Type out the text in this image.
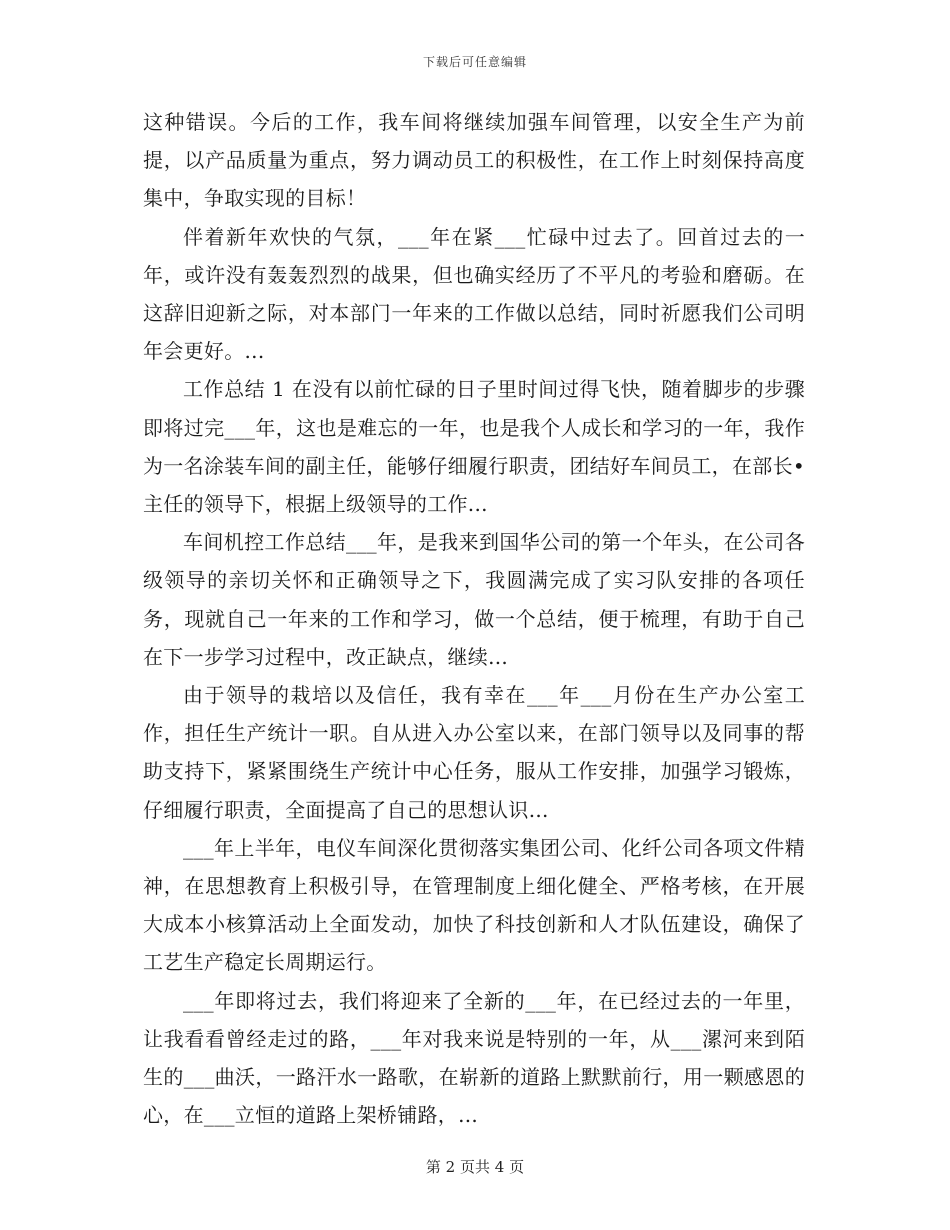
下载后可任意编辑

这种错误。今后的工作，我车间将继续加强车间管理，以安全生产为前提，以产品质量为重点，努力调动员工的积极性，在工作上时刻保持高度集中，争取实现的目标！

伴着新年欢快的气氛，___年在紧___忙碌中过去了。回首过去的一年，或许没有轰轰烈烈的战果，但也确实经历了不平凡的考验和磨砺。在这辞旧迎新之际，对本部门一年来的工作做以总结，同时祈愿我们公司明年会更好。...

工作总结 1 在没有以前忙碌的日子里时间过得飞快，随着脚步的步骤即将过完___年，这也是难忘的一年，也是我个人成长和学习的一年，我作为一名涂装车间的副主任，能够仔细履行职责，团结好车间员工，在部长•主任的领导下，根据上级领导的工作...

车间机控工作总结___年，是我来到国华公司的第一个年头，在公司各级领导的亲切关怀和正确领导之下，我圆满完成了实习队安排的各项任务，现就自己一年来的工作和学习，做一个总结，便于梳理，有助于自己在下一步学习过程中，改正缺点，继续...

由于领导的栽培以及信任，我有幸在___年___月份在生产办公室工作，担任生产统计一职。自从进入办公室以来，在部门领导以及同事的帮助支持下，紧紧围绕生产统计中心任务，服从工作安排，加强学习锻炼，仔细履行职责，全面提高了自己的思想认识...

___年上半年，电仪车间深化贯彻落实集团公司、化纤公司各项文件精神，在思想教育上积极引导，在管理制度上细化健全、严格考核，在开展大成本小核算活动上全面发动，加快了科技创新和人才队伍建设，确保了工艺生产稳定长周期运行。

___年即将过去，我们将迎来了全新的___年，在已经过去的一年里，让我看看曾经走过的路，___年对我来说是特别的一年，从___漯河来到陌生的___曲沃，一路汗水一路歌，在崭新的道路上默默前行，用一颗感恩的心，在___立恒的道路上架桥铺路，...

第 2 页共 4 页
